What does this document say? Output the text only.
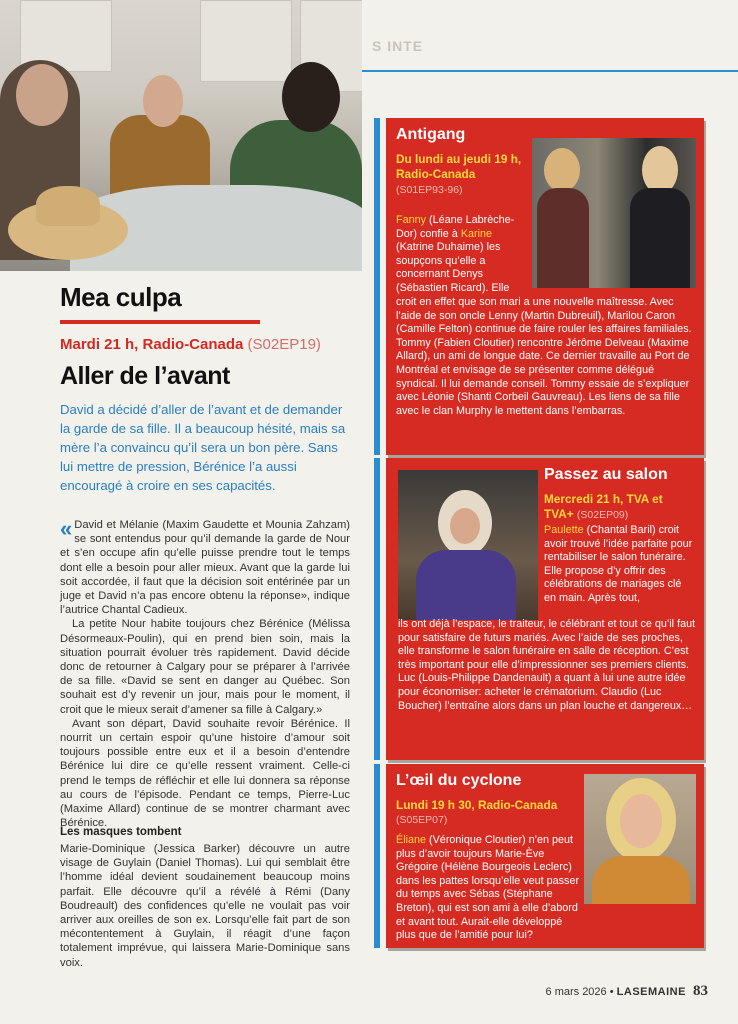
S INTE
Mea culpa
Mardi 21 h, Radio-Canada (S02EP19)
Aller de l’avant
David a décidé d’aller de l’avant et de demander la garde de sa fille. Il a beaucoup hésité, mais sa mère l’a convaincu qu’il sera un bon père. Sans lui mettre de pression, Bérénice l’a aussi encouragé à croire en ses capacités.

« David et Mélanie (Maxim Gaudette et Mounia Zahzam) se sont entendus pour qu’il demande la garde de Nour et s’en occupe afin qu’elle puisse prendre tout le temps dont elle a besoin pour aller mieux. Avant que la garde lui soit accordée, il faut que la décision soit entérinée par un juge et David n’a pas encore obtenu la réponse», indique l’autrice Chantal Cadieux.

La petite Nour habite toujours chez Bérénice (Mélissa Désormeaux-Poulin), qui en prend bien soin, mais la situation pourrait évoluer très rapidement. David décide donc de retourner à Calgary pour se préparer à l’arrivée de sa fille. «David se sent en danger au Québec. Son souhait est d’y revenir un jour, mais pour le moment, il croit que le mieux serait d’amener sa fille à Calgary.»

Avant son départ, David souhaite revoir Bérénice. Il nourrit un certain espoir qu’une histoire d’amour soit toujours possible entre eux et il a besoin d’entendre Bérénice lui dire ce qu’elle ressent vraiment. Celle-ci prend le temps de réfléchir et elle lui donnera sa réponse au cours de l’épisode. Pendant ce temps, Pierre-Luc (Maxime Allard) continue de se montrer charmant avec Bérénice.

Les masques tombent

Marie-Dominique (Jessica Barker) découvre un autre visage de Guylain (Daniel Thomas). Lui qui semblait être l’homme idéal devient soudainement beaucoup moins parfait. Elle découvre qu’il a révélé à Rémi (Dany Boudreault) des confidences qu’elle ne voulait pas voir arriver aux oreilles de son ex. Lorsqu’elle fait part de son mécontentement à Guylain, il réagit d’une façon totalement imprévue, qui laissera Marie-Dominique sans voix.

Antigang
Du lundi au jeudi 19 h,
Radio-Canada
(S01EP93-96)
Fanny (Léane Labrèche-Dor) confie à Karine (Katrine Duhaime) les soupçons qu’elle a concernant Denys (Sébastien Ricard). Elle
croit en effet que son mari a une nouvelle maîtresse. Avec l’aide de son oncle Lenny (Martin Dubreuil), Marilou Caron (Camille Felton) continue de faire rouler les affaires familiales. Tommy (Fabien Cloutier) rencontre Jérôme Delveau (Maxime Allard), un ami de longue date. Ce dernier travaille au Port de Montréal et envisage de se présenter comme délégué syndical. Il lui demande conseil. Tommy essaie de s’expliquer avec Léonie (Shanti Corbeil Gauvreau). Les liens de sa fille avec le clan Murphy le mettent dans l’embarras.
Passez au salon
Mercredi 21 h, TVA et
TVA+ (S02EP09)
Paulette (Chantal Baril) croit avoir trouvé l’idée parfaite pour rentabiliser le salon funéraire. Elle propose d’y offrir des célébrations de mariages clé en main. Après tout,
ils ont déjà l’espace, le traiteur, le célébrant et tout ce qu’il faut pour satisfaire de futurs mariés. Avec l’aide de ses proches, elle transforme le salon funéraire en salle de réception. C’est très important pour elle d’impressionner ses premiers clients. Luc (Louis-Philippe Dandenault) a quant à lui une autre idée pour économiser: acheter le crématorium. Claudio (Luc Boucher) l’entraîne alors dans un plan louche et dangereux…
L’œil du cyclone
Lundi 19 h 30, Radio-Canada
(S05EP07)
Éliane (Véronique Cloutier) n’en peut plus d’avoir toujours Marie-Ève Grégoire (Hélène Bourgeois Leclerc) dans les pattes lorsqu’elle veut passer du temps avec Sébas (Stéphane Breton), qui est son ami à elle d’abord et avant tout. Aurait-elle développé plus que de l’amitié pour lui?
6 mars 2026 • LASEMAINE 83
